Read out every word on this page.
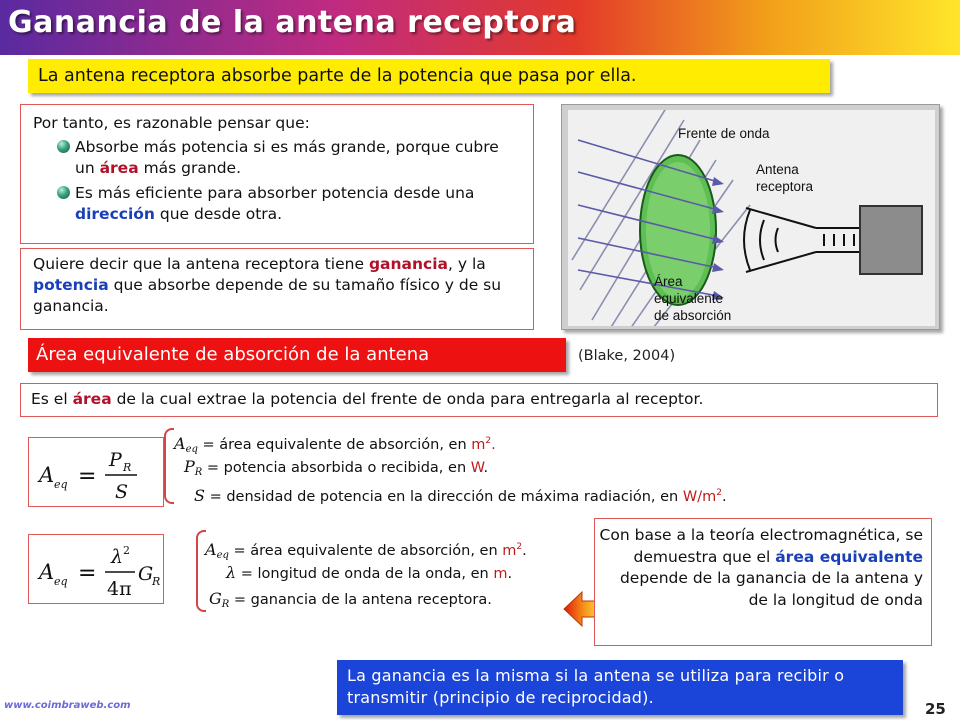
Ganancia de la antena receptora
La antena receptora absorbe parte de la potencia que pasa por ella.
Por tanto, es razonable pensar que:
Absorbe más potencia si es más grande, porque cubre un área más grande.
Es más eficiente para absorber potencia desde una dirección que desde otra.
Quiere decir que la antena receptora tiene ganancia, y la potencia que absorbe depende de su tamaño físico y de su ganancia.
Frente de onda
Antena
receptora
Área
equivalente
de absorción
(Blake, 2004)
Área equivalente de absorción de la antena
Es el área de la cual extrae la potencia del frente de onda para entregarla al receptor.
A eq =
P R
S
$A_{eq}$ = área equivalente de absorción, en $m^2$.
$P_R$ = potencia absorbida o recibida, en W.
S = densidad de potencia en la dirección de máxima radiación, en $W/m^2$.
A eq =
λ 2
4π
G
R
$A_{eq}$ = área equivalente de absorción, en $m^2$.
λ = longitud de onda de la onda, en m.
$G_R$ = ganancia de la antena receptora.
Con base a la teoría electromagnética, se demuestra que el área equivalente depende de la ganancia de la antena y de la longitud de onda
La ganancia es la misma si la antena se utiliza para recibir o transmitir (principio de reciprocidad).
www.coimbraweb.com	25
